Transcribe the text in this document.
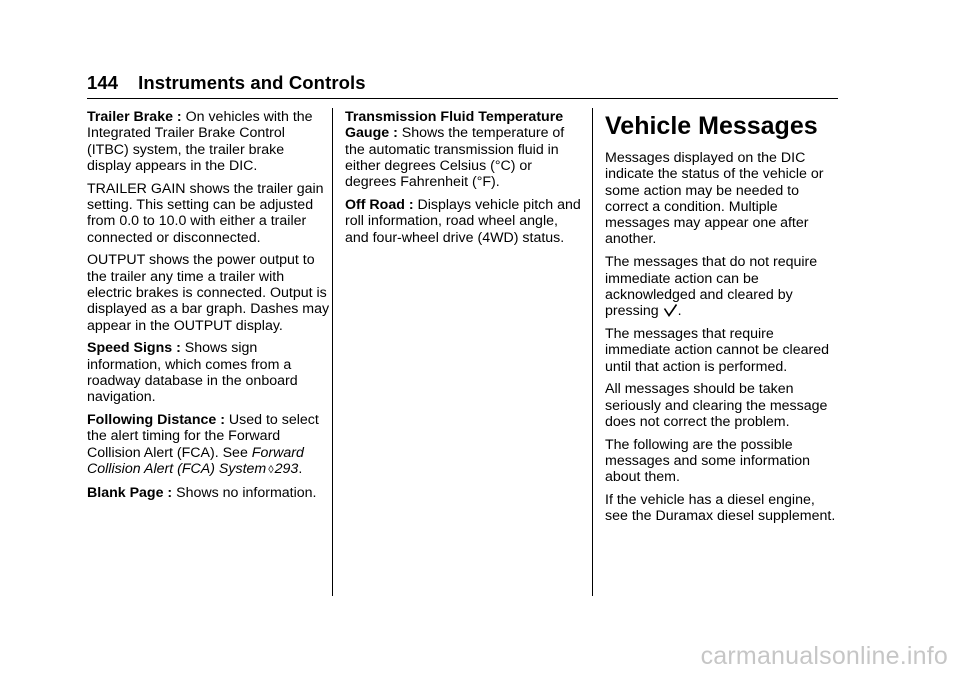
144 Instruments and Controls

Trailer Brake : On vehicles with the Integrated Trailer Brake Control (ITBC) system, the trailer brake display appears in the DIC.

TRAILER GAIN shows the trailer gain setting. This setting can be adjusted from 0.0 to 10.0 with either a trailer connected or disconnected.

OUTPUT shows the power output to the trailer any time a trailer with electric brakes is connected. Output is displayed as a bar graph. Dashes may appear in the OUTPUT display.

Speed Signs : Shows sign information, which comes from a roadway database in the onboard navigation.

Following Distance : Used to select the alert timing for the Forward Collision Alert (FCA). See Forward Collision Alert (FCA) System ◊293.

Blank Page : Shows no information.

Transmission Fluid Temperature Gauge : Shows the temperature of the automatic transmission fluid in either degrees Celsius (°C) or degrees Fahrenheit (°F).

Off Road : Displays vehicle pitch and roll information, road wheel angle, and four-wheel drive (4WD) status.

Vehicle Messages

Messages displayed on the DIC indicate the status of the vehicle or some action may be needed to correct a condition. Multiple messages may appear one after another.

The messages that do not require immediate action can be acknowledged and cleared by pressing .

The messages that require immediate action cannot be cleared until that action is performed.

All messages should be taken seriously and clearing the message does not correct the problem.

The following are the possible messages and some information about them.

If the vehicle has a diesel engine, see the Duramax diesel supplement.

carmanualsonline.info
